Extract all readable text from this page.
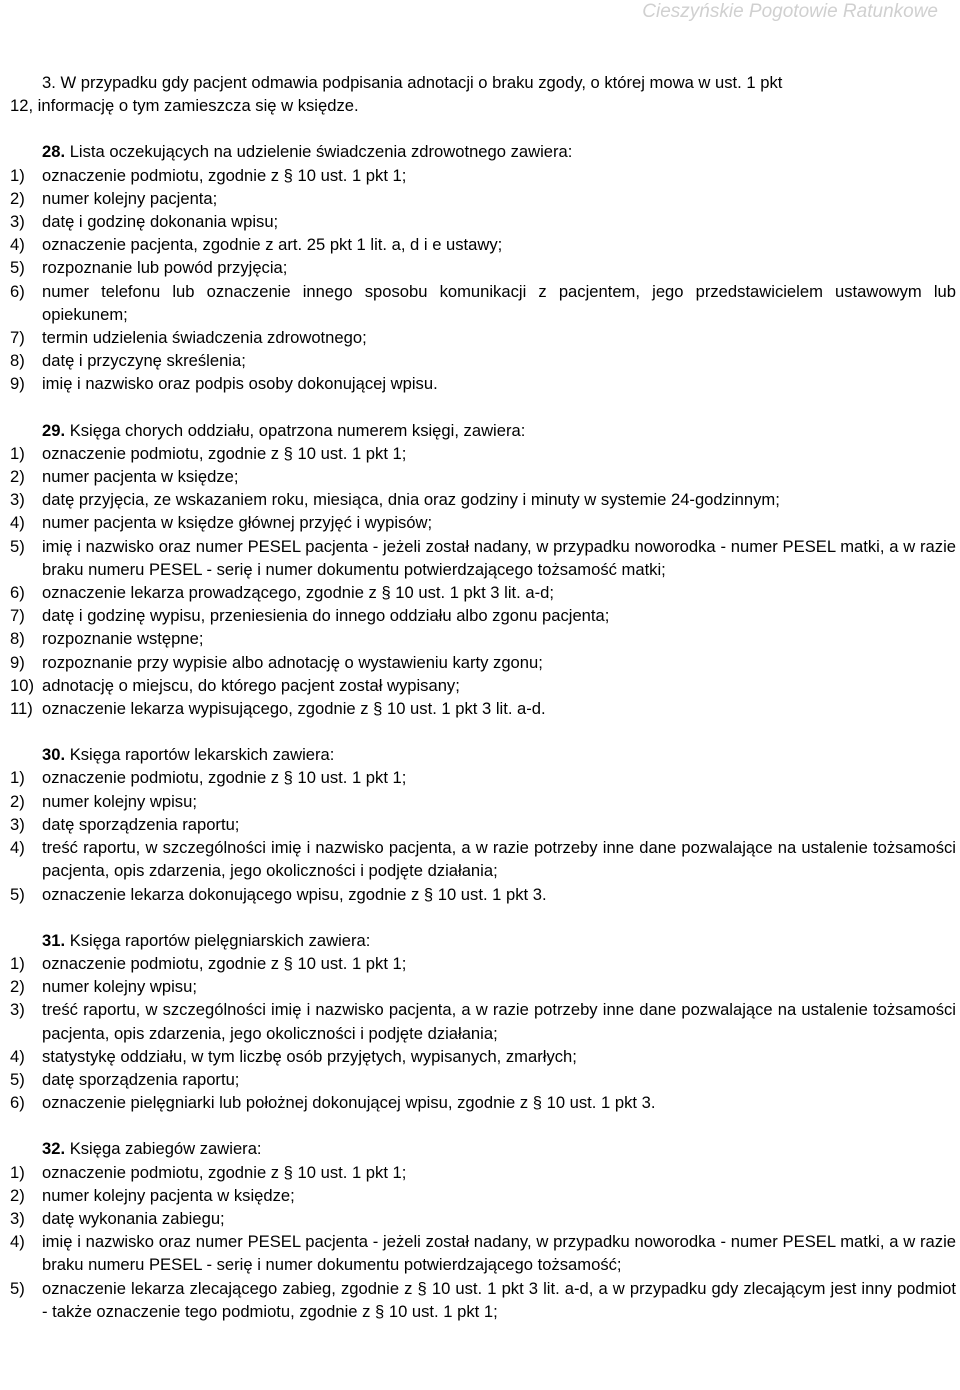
Cieszyńskie Pogotowie Ratunkowe

3. W przypadku gdy pacjent odmawia podpisania adnotacji o braku zgody, o której mowa w ust. 1 pkt
12, informację o tym zamieszcza się w księdze.

28. Lista oczekujących na udzielenie świadczenia zdrowotnego zawiera:

1)	oznaczenie podmiotu, zgodnie z § 10 ust. 1 pkt 1;
2)	numer kolejny pacjenta;
3)	datę i godzinę dokonania wpisu;
4)	oznaczenie pacjenta, zgodnie z art. 25 pkt 1 lit. a, d i e ustawy;
5)	rozpoznanie lub powód przyjęcia;
6)	numer telefonu lub oznaczenie innego sposobu komunikacji z pacjentem, jego przedstawicielem ustawowym lub opiekunem;
7)	termin udzielenia świadczenia zdrowotnego;
8)	datę i przyczynę skreślenia;
9)	imię i nazwisko oraz podpis osoby dokonującej wpisu.

29. Księga chorych oddziału, opatrzona numerem księgi, zawiera:

1)	oznaczenie podmiotu, zgodnie z § 10 ust. 1 pkt 1;
2)	numer pacjenta w księdze;
3)	datę przyjęcia, ze wskazaniem roku, miesiąca, dnia oraz godziny i minuty w systemie 24-godzinnym;
4)	numer pacjenta w księdze głównej przyjęć i wypisów;
5)	imię i nazwisko oraz numer PESEL pacjenta - jeżeli został nadany, w przypadku noworodka - numer PESEL matki, a w razie braku numeru PESEL - serię i numer dokumentu potwierdzającego tożsamość matki;
6)	oznaczenie lekarza prowadzącego, zgodnie z § 10 ust. 1 pkt 3 lit. a-d;
7)	datę i godzinę wypisu, przeniesienia do innego oddziału albo zgonu pacjenta;
8)	rozpoznanie wstępne;
9)	rozpoznanie przy wypisie albo adnotację o wystawieniu karty zgonu;
10) adnotację o miejscu, do którego pacjent został wypisany;
11) oznaczenie lekarza wypisującego, zgodnie z § 10 ust. 1 pkt 3 lit. a-d.

30. Księga raportów lekarskich zawiera:

1)	oznaczenie podmiotu, zgodnie z § 10 ust. 1 pkt 1;
2)	numer kolejny wpisu;
3)	datę sporządzenia raportu;
4)	treść raportu, w szczególności imię i nazwisko pacjenta, a w razie potrzeby inne dane pozwalające na ustalenie tożsamości pacjenta, opis zdarzenia, jego okoliczności i podjęte działania;
5)	oznaczenie lekarza dokonującego wpisu, zgodnie z § 10 ust. 1 pkt 3.

31. Księga raportów pielęgniarskich zawiera:

1)	oznaczenie podmiotu, zgodnie z § 10 ust. 1 pkt 1;
2)	numer kolejny wpisu;
3)	treść raportu, w szczególności imię i nazwisko pacjenta, a w razie potrzeby inne dane pozwalające na ustalenie tożsamości pacjenta, opis zdarzenia, jego okoliczności i podjęte działania;
4)	statystykę oddziału, w tym liczbę osób przyjętych, wypisanych, zmarłych;
5)	datę sporządzenia raportu;
6)	oznaczenie pielęgniarki lub położnej dokonującej wpisu, zgodnie z § 10 ust. 1 pkt 3.

32. Księga zabiegów zawiera:

1)	oznaczenie podmiotu, zgodnie z § 10 ust. 1 pkt 1;
2)	numer kolejny pacjenta w księdze;
3)	datę wykonania zabiegu;
4)	imię i nazwisko oraz numer PESEL pacjenta - jeżeli został nadany, w przypadku noworodka - numer PESEL matki, a w razie braku numeru PESEL - serię i numer dokumentu potwierdzającego tożsamość;
5)	oznaczenie lekarza zlecającego zabieg, zgodnie z § 10 ust. 1 pkt 3 lit. a-d, a w przypadku gdy zlecającym jest inny podmiot - także oznaczenie tego podmiotu, zgodnie z § 10 ust. 1 pkt 1;
